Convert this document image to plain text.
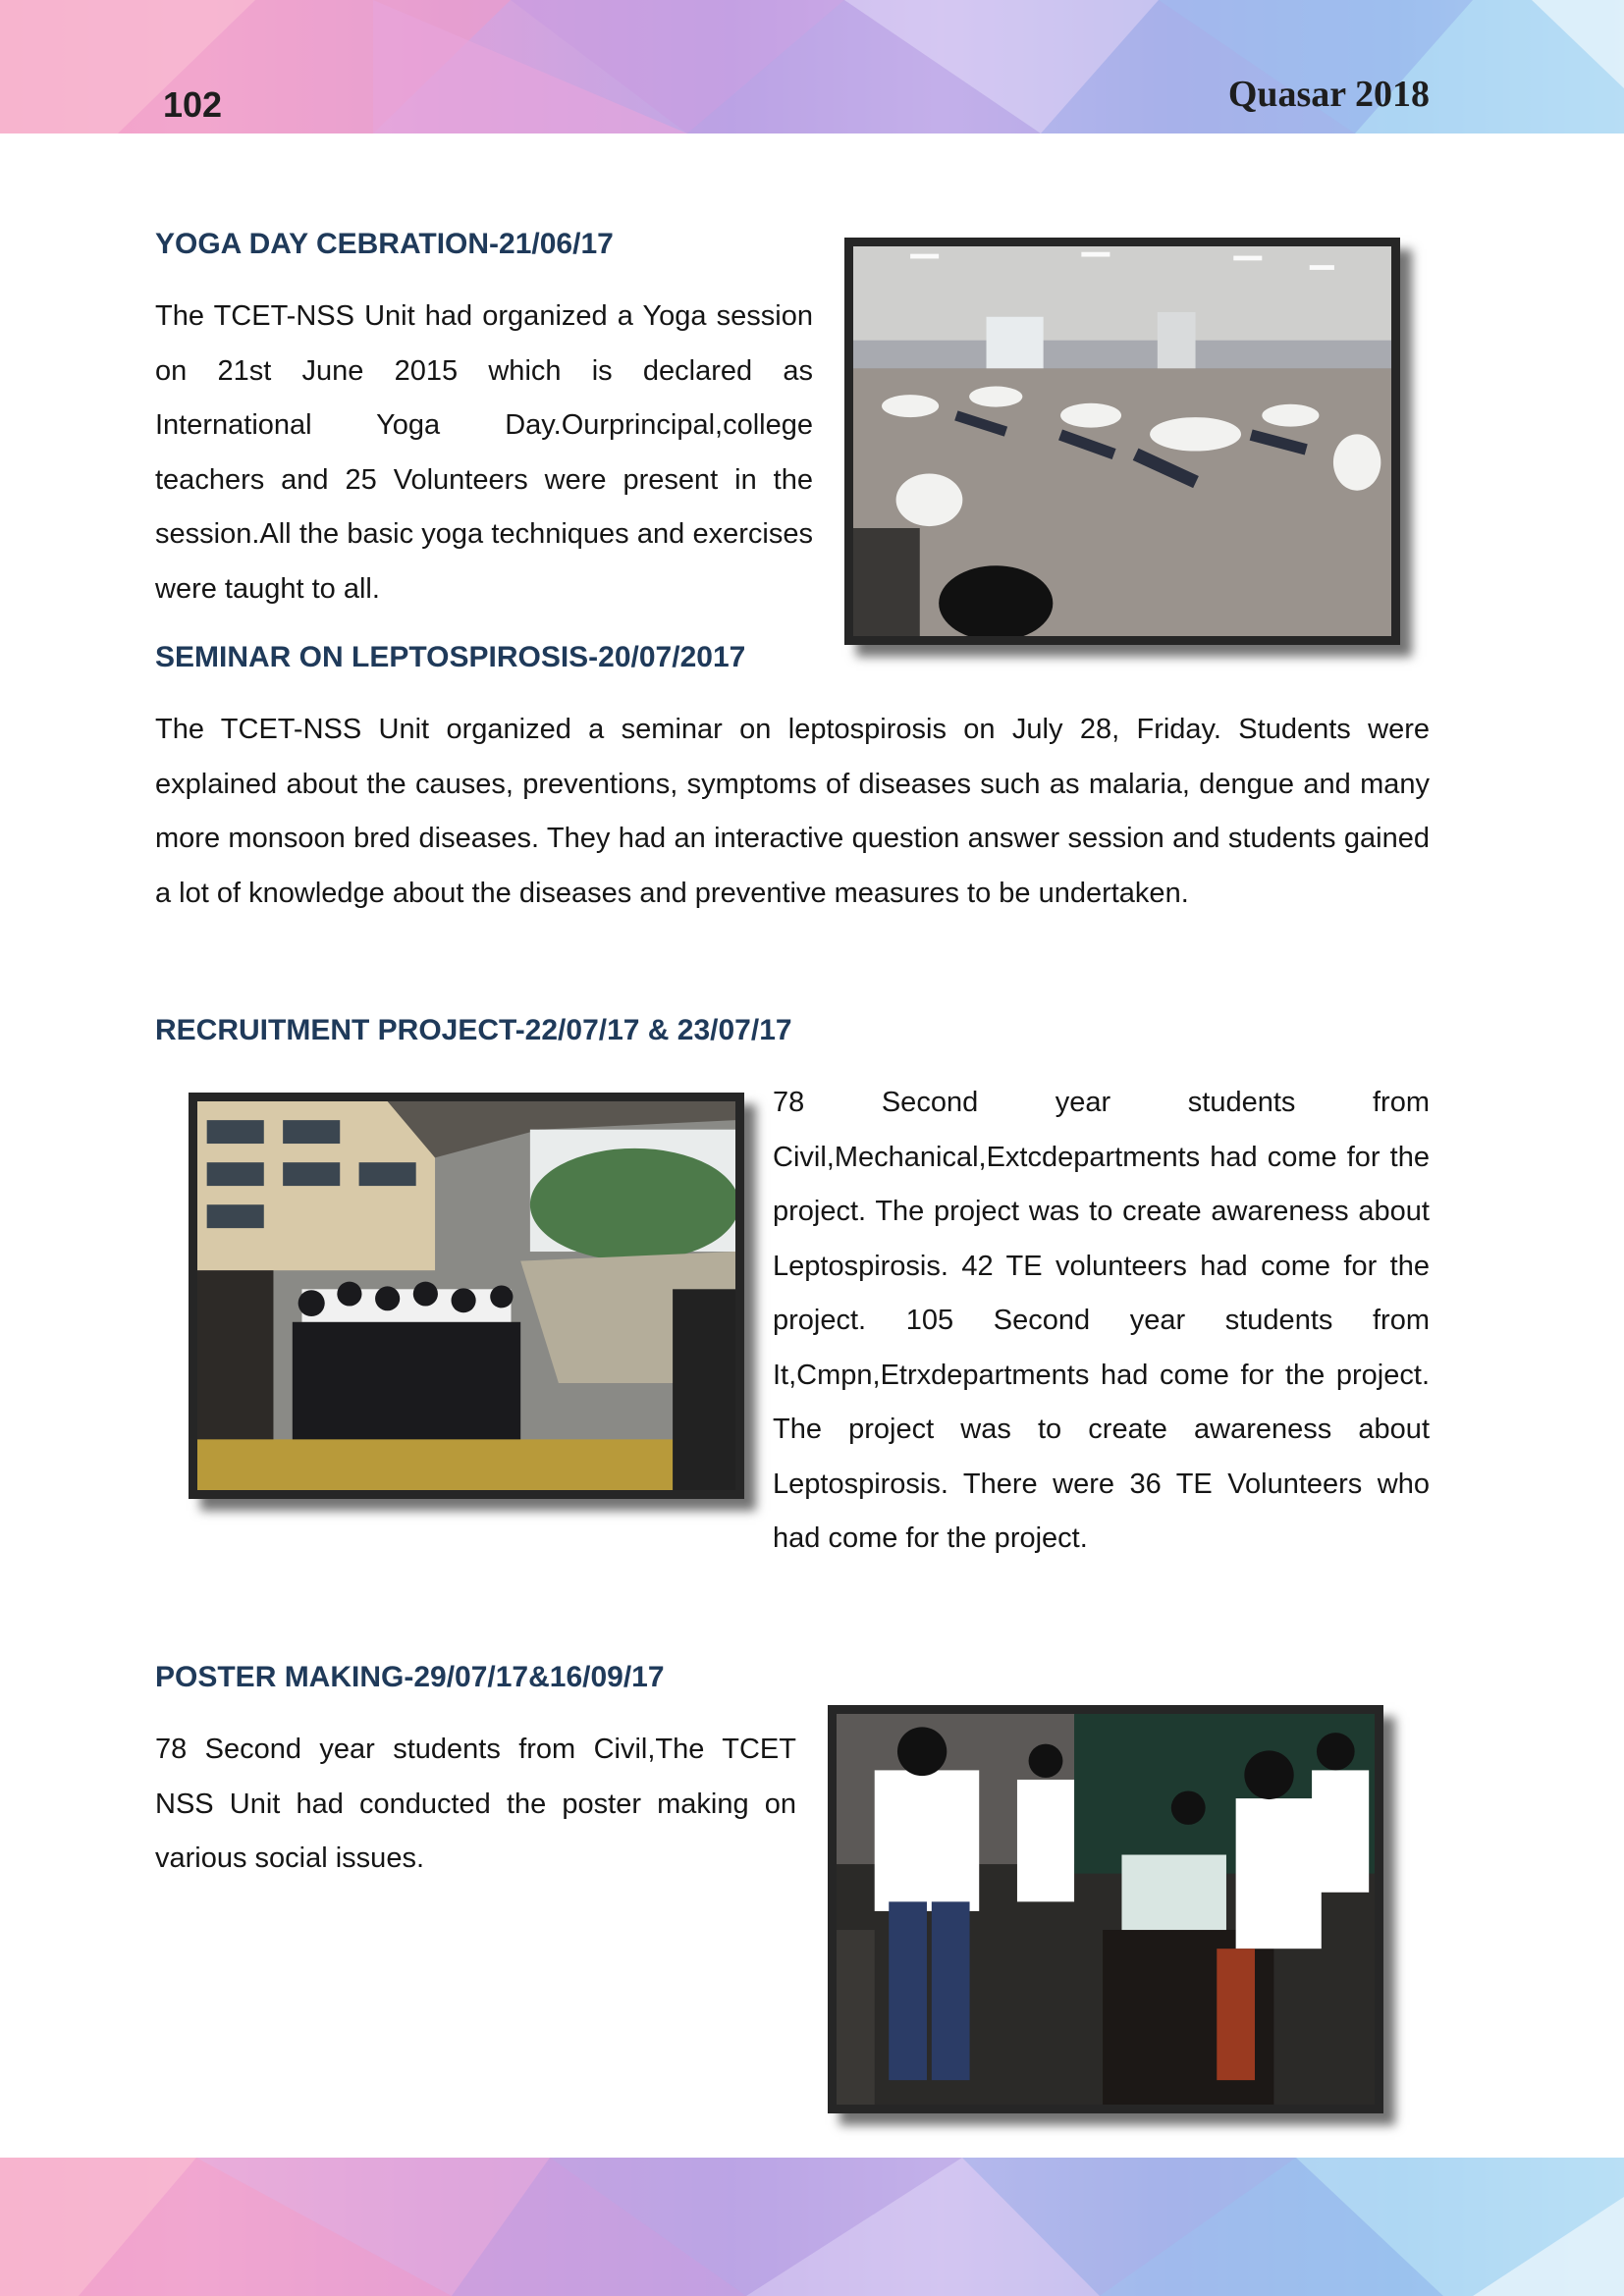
102	Quasar 2018
YOGA DAY CEBRATION-21/06/17

The TCET-NSS Unit had organized a Yoga session on 21st June 2015 which is declared as International Yoga Day.Ourprincipal,college teachers and 25 Volunteers were present in the session.All the basic yoga techniques and exercises were taught to all.

SEMINAR ON LEPTOSPIROSIS-20/07/2017

The TCET-NSS Unit organized a seminar on leptospirosis on July 28, Friday. Students were explained about the causes, preventions, symptoms of diseases such as malaria, dengue and many more monsoon bred diseases. They had an interactive question answer session and students gained a lot of knowledge about the diseases and preventive measures to be undertaken.

RECRUITMENT PROJECT-22/07/17 & 23/07/17

78 Second year students from Civil,Mechanical,Extcdepartments had come for the project. The project was to create awareness about Leptospirosis. 42 TE volunteers had come for the project. 105 Second year students from It,Cmpn,Etrxdepartments had come for the project. The project was to create awareness about Leptospirosis. There were 36 TE Volunteers who had come for the project.

POSTER MAKING-29/07/17&16/09/17

78 Second year students from Civil,The TCET NSS Unit had conducted the poster making on various social issues.
